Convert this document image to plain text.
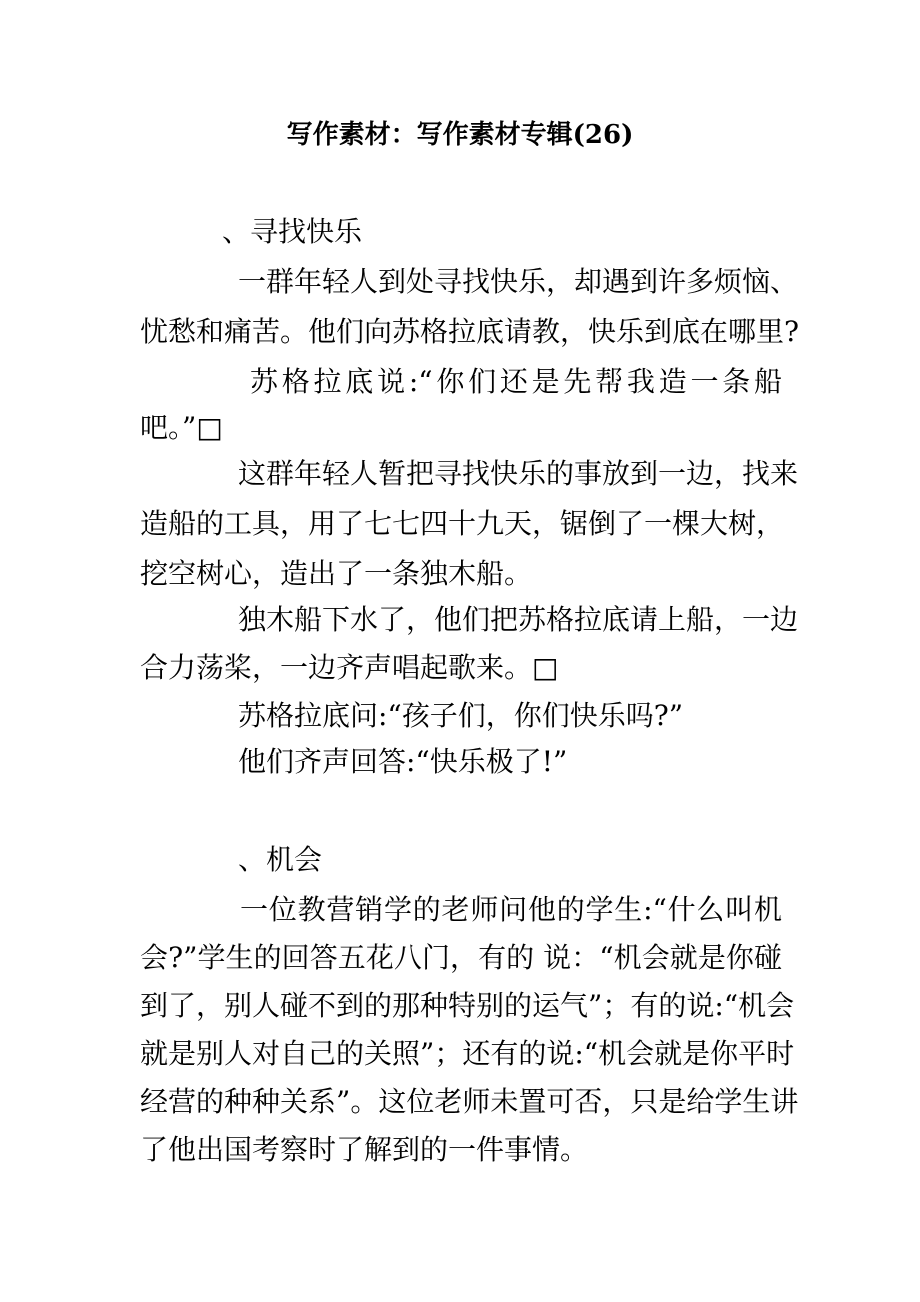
写作素材：写作素材专辑(26)
、寻找快乐
一群年轻人到处寻找快乐，却遇到许多烦恼、
忧愁和痛苦。他们向苏格拉底请教，快乐到底在哪里?
苏格拉底说:“你们还是先帮我造一条船
吧。”□
这群年轻人暂把寻找快乐的事放到一边，找来
造船的工具，用了七七四十九天，锯倒了一棵大树，
挖空树心，造出了一条独木船。
独木船下水了，他们把苏格拉底请上船，一边
合力荡桨，一边齐声唱起歌来。□
苏格拉底问:“孩子们，你们快乐吗?”
他们齐声回答:“快乐极了!”
、机会
一位教营销学的老师问他的学生:“什么叫机
会?”学生的回答五花八门，有的 说：“机会就是你碰
到了，别人碰不到的那种特别的运气”；有的说:“机会
就是别人对自己的关照”；还有的说:“机会就是你平时
经营的种种关系”。这位老师未置可否，只是给学生讲
了他出国考察时了解到的一件事情。
